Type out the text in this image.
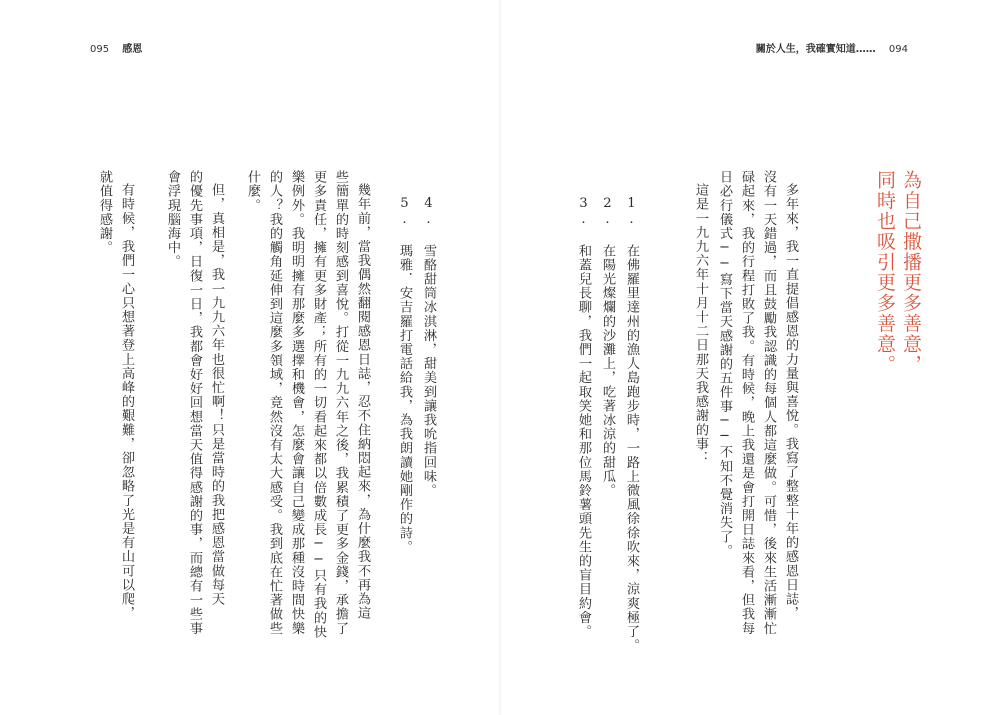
095 感恩	關於人生，我確實知道…… 094
為自己撒播更多善意，
同時也吸引更多善意。
多年來，我一直提倡感恩的力量與喜悅。我寫了整整十年的感恩日誌，
沒有一天錯過，而且鼓勵我認識的每個人都這麼做。可惜，後來生活漸漸忙
碌起來，我的行程打敗了我。有時候，晚上我還是會打開日誌來看，但我每
日必行儀式──寫下當天感謝的五件事──不知不覺消失了。
這是一九九六年十月十二日那天我感謝的事：
1. 在佛羅里達州的漁人島跑步時，一路上微風徐徐吹來，涼爽極了。
2. 在陽光燦爛的沙灘上，吃著冰涼的甜瓜。
3. 和蓋兒長聊，我們一起取笑她和那位馬鈴薯頭先生的盲目約會。
4. 雪酪甜筒冰淇淋，甜美到讓我吮指回味。
5. 瑪雅．安吉羅打電話給我，為我朗讀她剛作的詩。
幾年前，當我偶然翻閱感恩日誌，忍不住納悶起來，為什麼我不再為這
些簡單的時刻感到喜悅。打從一九九六年之後，我累積了更多金錢，承擔了
更多責任，擁有更多財產；所有的一切看起來都以倍數成長──只有我的快
樂例外。我明明擁有那麼多選擇和機會，怎麼會讓自己變成那種沒時間快樂
的人？我的觸角延伸到這麼多領域，竟然沒有太大感受。我到底在忙著做些
什麼。
但，真相是，我一九九六年也很忙啊！只是當時的我把感恩當做每天
的優先事項，日復一日，我都會好好回想當天值得感謝的事，而總有一些事
會浮現腦海中。
有時候，我們一心只想著登上高峰的艱難，卻忽略了光是有山可以爬，
就值得感謝。
